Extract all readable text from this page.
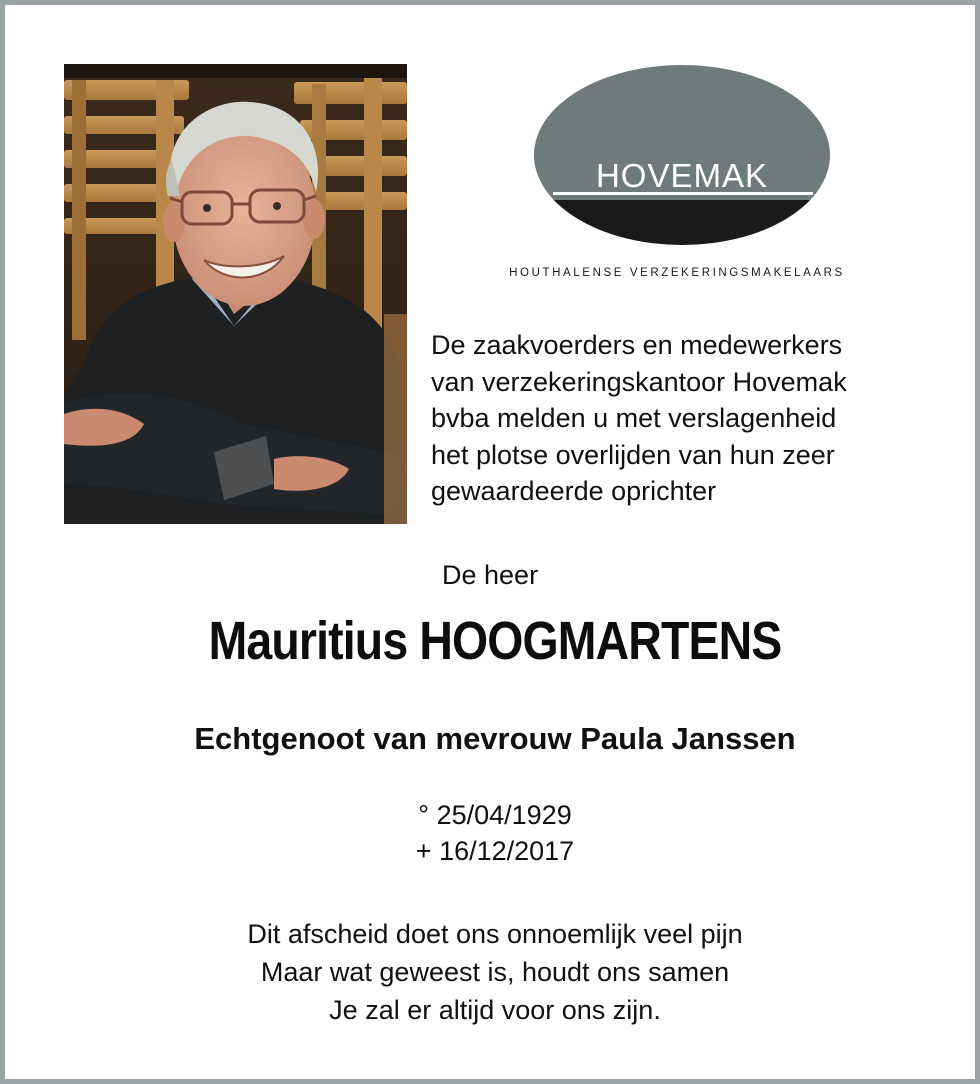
HOVEMAK
HOUTHALENSE VERZEKERINGSMAKELAARS
De zaakvoerders en medewerkers
van verzekeringskantoor Hovemak
bvba melden u met verslagenheid
het plotse overlijden van hun zeer
gewaardeerde oprichter
De heer
Mauritius HOOGMARTENS
Echtgenoot van mevrouw Paula Janssen
° 25/04/1929
+ 16/12/2017
Dit afscheid doet ons onnoemlijk veel pijn
Maar wat geweest is, houdt ons samen
Je zal er altijd voor ons zijn.
